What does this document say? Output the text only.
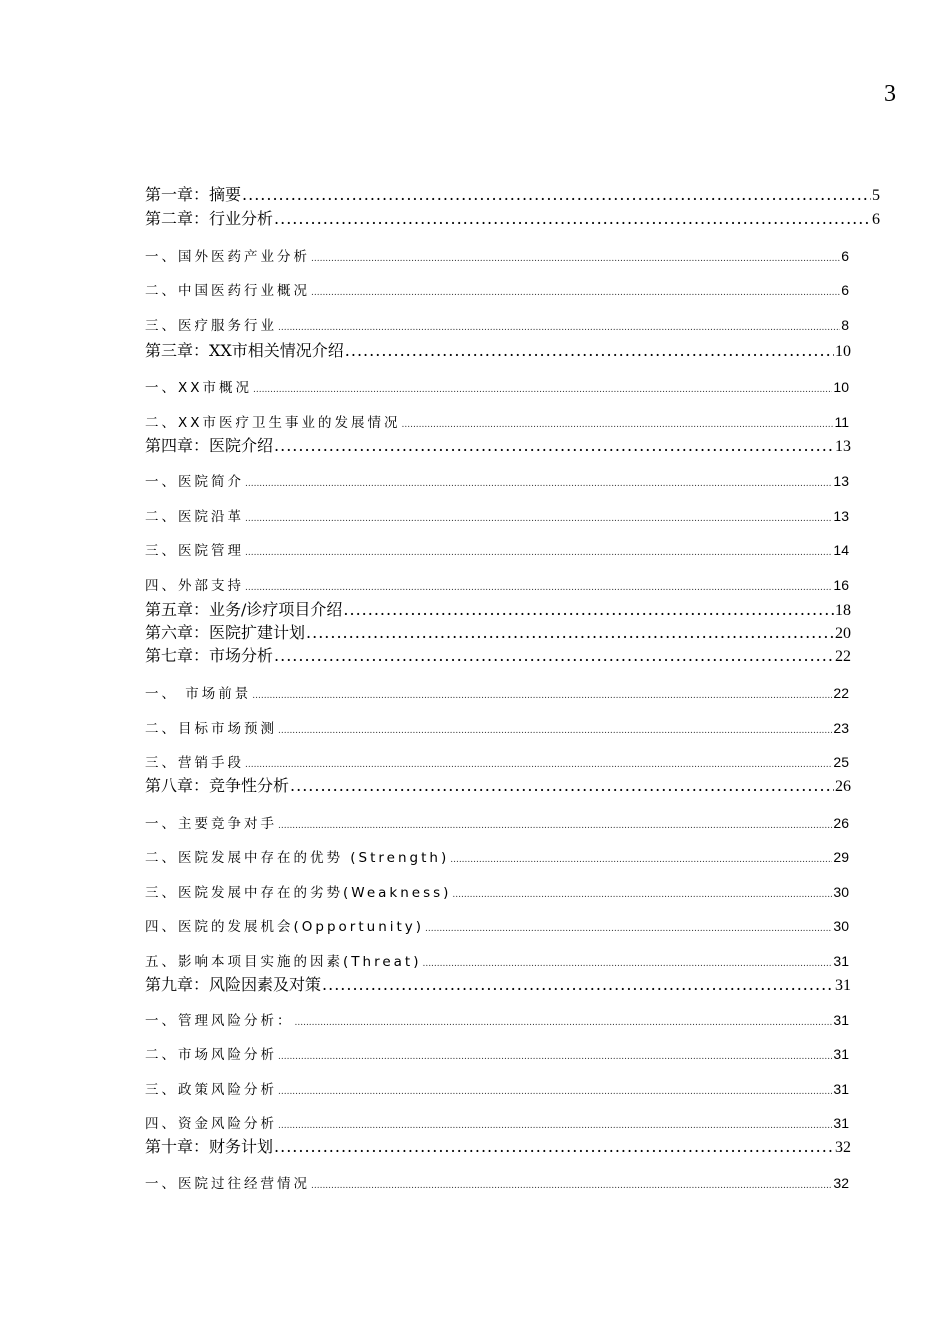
3
第一章：摘要 .....	5
第二章：行业分析 .....	6
一、国外医药产业分析 .....	6
二、中国医药行业概况 .....	6
三、医疗服务行业 .....	8
第三章：XX市相关情况介绍 .....	10
一、XX市概况 .....	10
二、XX市医疗卫生事业的发展情况 .....	11
第四章：医院介绍 .....	13
一、医院简介 .....	13
二、医院沿革 .....	13
三、医院管理 .....	14
四、外部支持 .....	16
第五章：业务/诊疗项目介绍 .....	18
第六章：医院扩建计划 .....	20
第七章：市场分析 .....	22
一、 市场前景 .....	22
二、目标市场预测 .....	23
三、营销手段 .....	25
第八章：竞争性分析 .....	26
一、主要竞争对手 .....	26
二、医院发展中存在的优势 (Strength) .....	29
三、医院发展中存在的劣势(Weakness) .....	30
四、医院的发展机会(Opportunity) .....	30
五、影响本项目实施的因素(Threat) .....	31
第九章：风险因素及对策 .....	31
一、管理风险分析： .....	31
二、市场风险分析 .....	31
三、政策风险分析 .....	31
四、资金风险分析 .....	31
第十章：财务计划 .....	32
一、医院过往经营情况 .....	32
